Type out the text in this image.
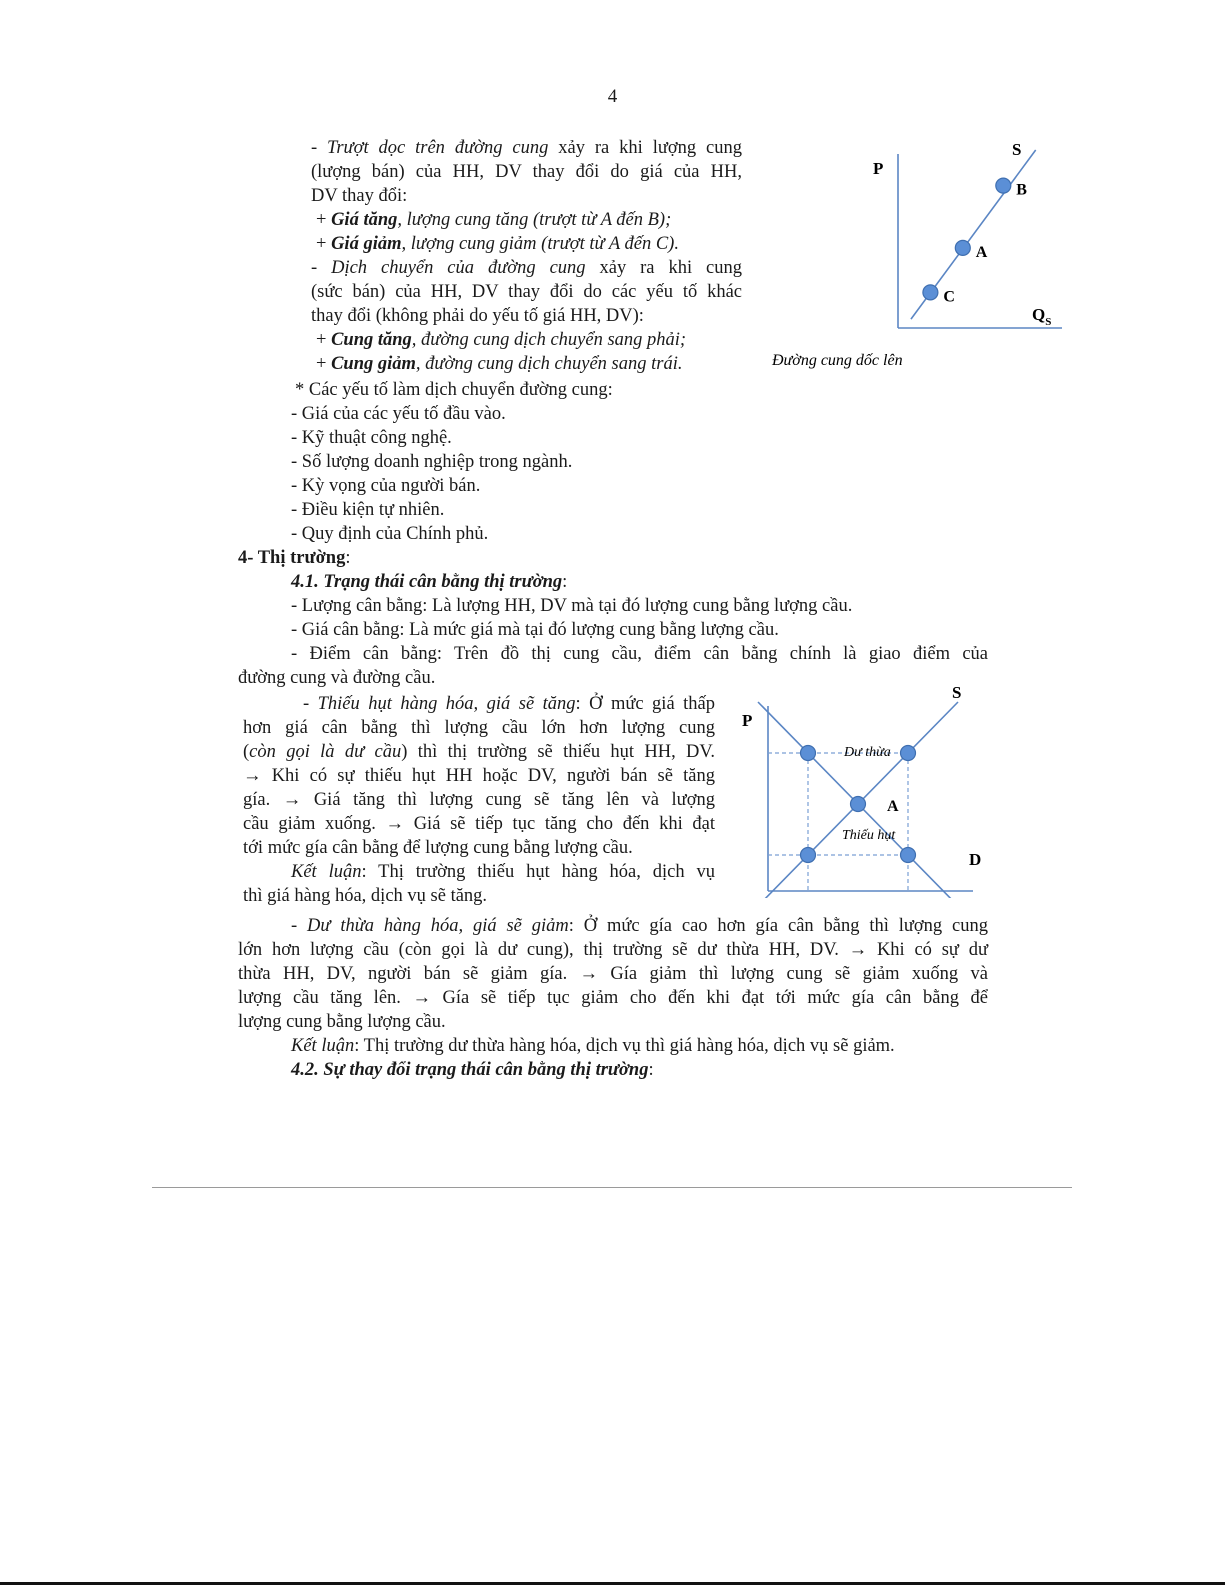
4
- Trượt dọc trên đường cung xảy ra khi lượng cung
(lượng bán) của HH, DV thay đổi do giá của HH,
DV thay đổi:
+ Giá tăng, lượng cung tăng (trượt từ A đến B);
+ Giá giảm, lượng cung giảm (trượt từ A đến C).
- Dịch chuyển của đường cung xảy ra khi cung
(sức bán) của HH, DV thay đổi do các yếu tố khác
thay đổi (không phải do yếu tố giá HH, DV):
+ Cung tăng, đường cung dịch chuyển sang phải;
+ Cung giảm, đường cung dịch chuyển sang trái.
P
$Q_S$
S
C
A
B
Đường cung dốc lên
* Các yếu tố làm dịch chuyển đường cung:
- Giá của các yếu tố đầu vào.
- Kỹ thuật công nghệ.
- Số lượng doanh nghiệp trong ngành.
- Kỳ vọng của người bán.
- Điều kiện tự nhiên.
- Quy định của Chính phủ.
4- Thị trường:
4.1. Trạng thái cân bằng thị trường:
- Lượng cân bằng: Là lượng HH, DV mà tại đó lượng cung bằng lượng cầu.
- Giá cân bằng: Là mức giá mà tại đó lượng cung bằng lượng cầu.
- Điểm cân bằng: Trên đồ thị cung cầu, điểm cân bằng chính là giao điểm của
đường cung và đường cầu.
- Thiếu hụt hàng hóa, giá sẽ tăng: Ở mức giá thấp
hơn giá cân bằng thì lượng cầu lớn hơn lượng cung
(còn gọi là dư cầu) thì thị trường sẽ thiếu hụt HH, DV.
→ Khi có sự thiếu hụt HH hoặc DV, người bán sẽ tăng
gía. → Giá tăng thì lượng cung sẽ tăng lên và lượng
cầu giảm xuống. → Giá sẽ tiếp tục tăng cho đến khi đạt
tới mức gía cân bằng để lượng cung bằng lượng cầu.
Kết luận: Thị trường thiếu hụt hàng hóa, dịch vụ
thì giá hàng hóa, dịch vụ sẽ tăng.
P
S
D
Dư thừa
Thiếu hụt
A
- Dư thừa hàng hóa, giá sẽ giảm: Ở mức gía cao hơn gía cân bằng thì lượng cung
lớn hơn lượng cầu (còn gọi là dư cung), thị trường sẽ dư thừa HH, DV. → Khi có sự dư
thừa HH, DV, người bán sẽ giảm gía. → Gía giảm thì lượng cung sẽ giảm xuống và
lượng cầu tăng lên. → Gía sẽ tiếp tục giảm cho đến khi đạt tới mức gía cân bằng để
lượng cung bằng lượng cầu.
Kết luận: Thị trường dư thừa hàng hóa, dịch vụ thì giá hàng hóa, dịch vụ sẽ giảm.
4.2. Sự thay đổi trạng thái cân bằng thị trường:
